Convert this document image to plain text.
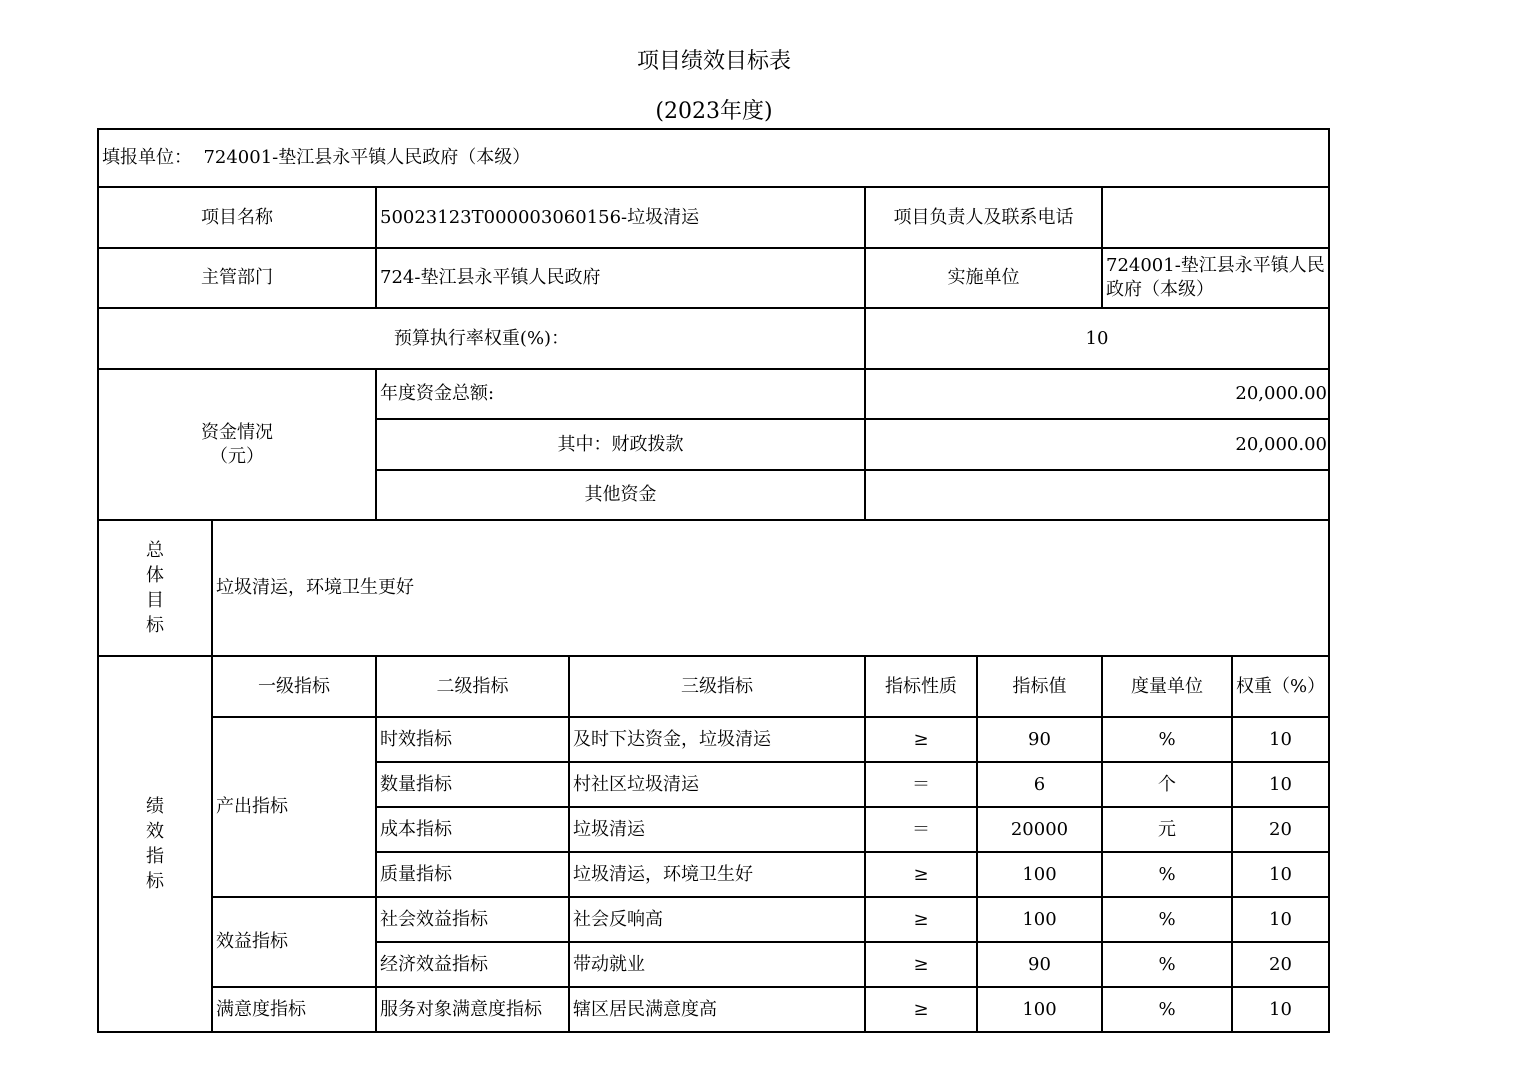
项目绩效目标表
(2023年度)
填报单位： 724001-垫江县永平镇人民政府（本级）							
项目名称		50023123T000003060156-垃圾清运		项目负责人及联系电话			
主管部门		724-垫江县永平镇人民政府		实施单位		724001-垫江县永平镇人民政府（本级）	
预算执行率权重(%)：				10			

资金情况
（元）		年度资金总额:		20,000.00			
		其中：财政拨款		20,000.00			
		其他资金					

总
体
目
标	垃圾清运，环境卫生更好						

绩
效
指
标	一级指标	二级指标	三级指标	指标性质	指标值	度量单位	权重（%）
	产出指标	时效指标	及时下达资金，垃圾清运	≥	90	%	10
		数量指标	村社区垃圾清运	＝	6	个	10
		成本指标	垃圾清运	＝	20000	元	20
		质量指标	垃圾清运，环境卫生好	≥	100	%	10
	效益指标	社会效益指标	社会反响高	≥	100	%	10
		经济效益指标	带动就业	≥	90	%	20
	满意度指标	服务对象满意度指标	辖区居民满意度高	≥	100	%	10
